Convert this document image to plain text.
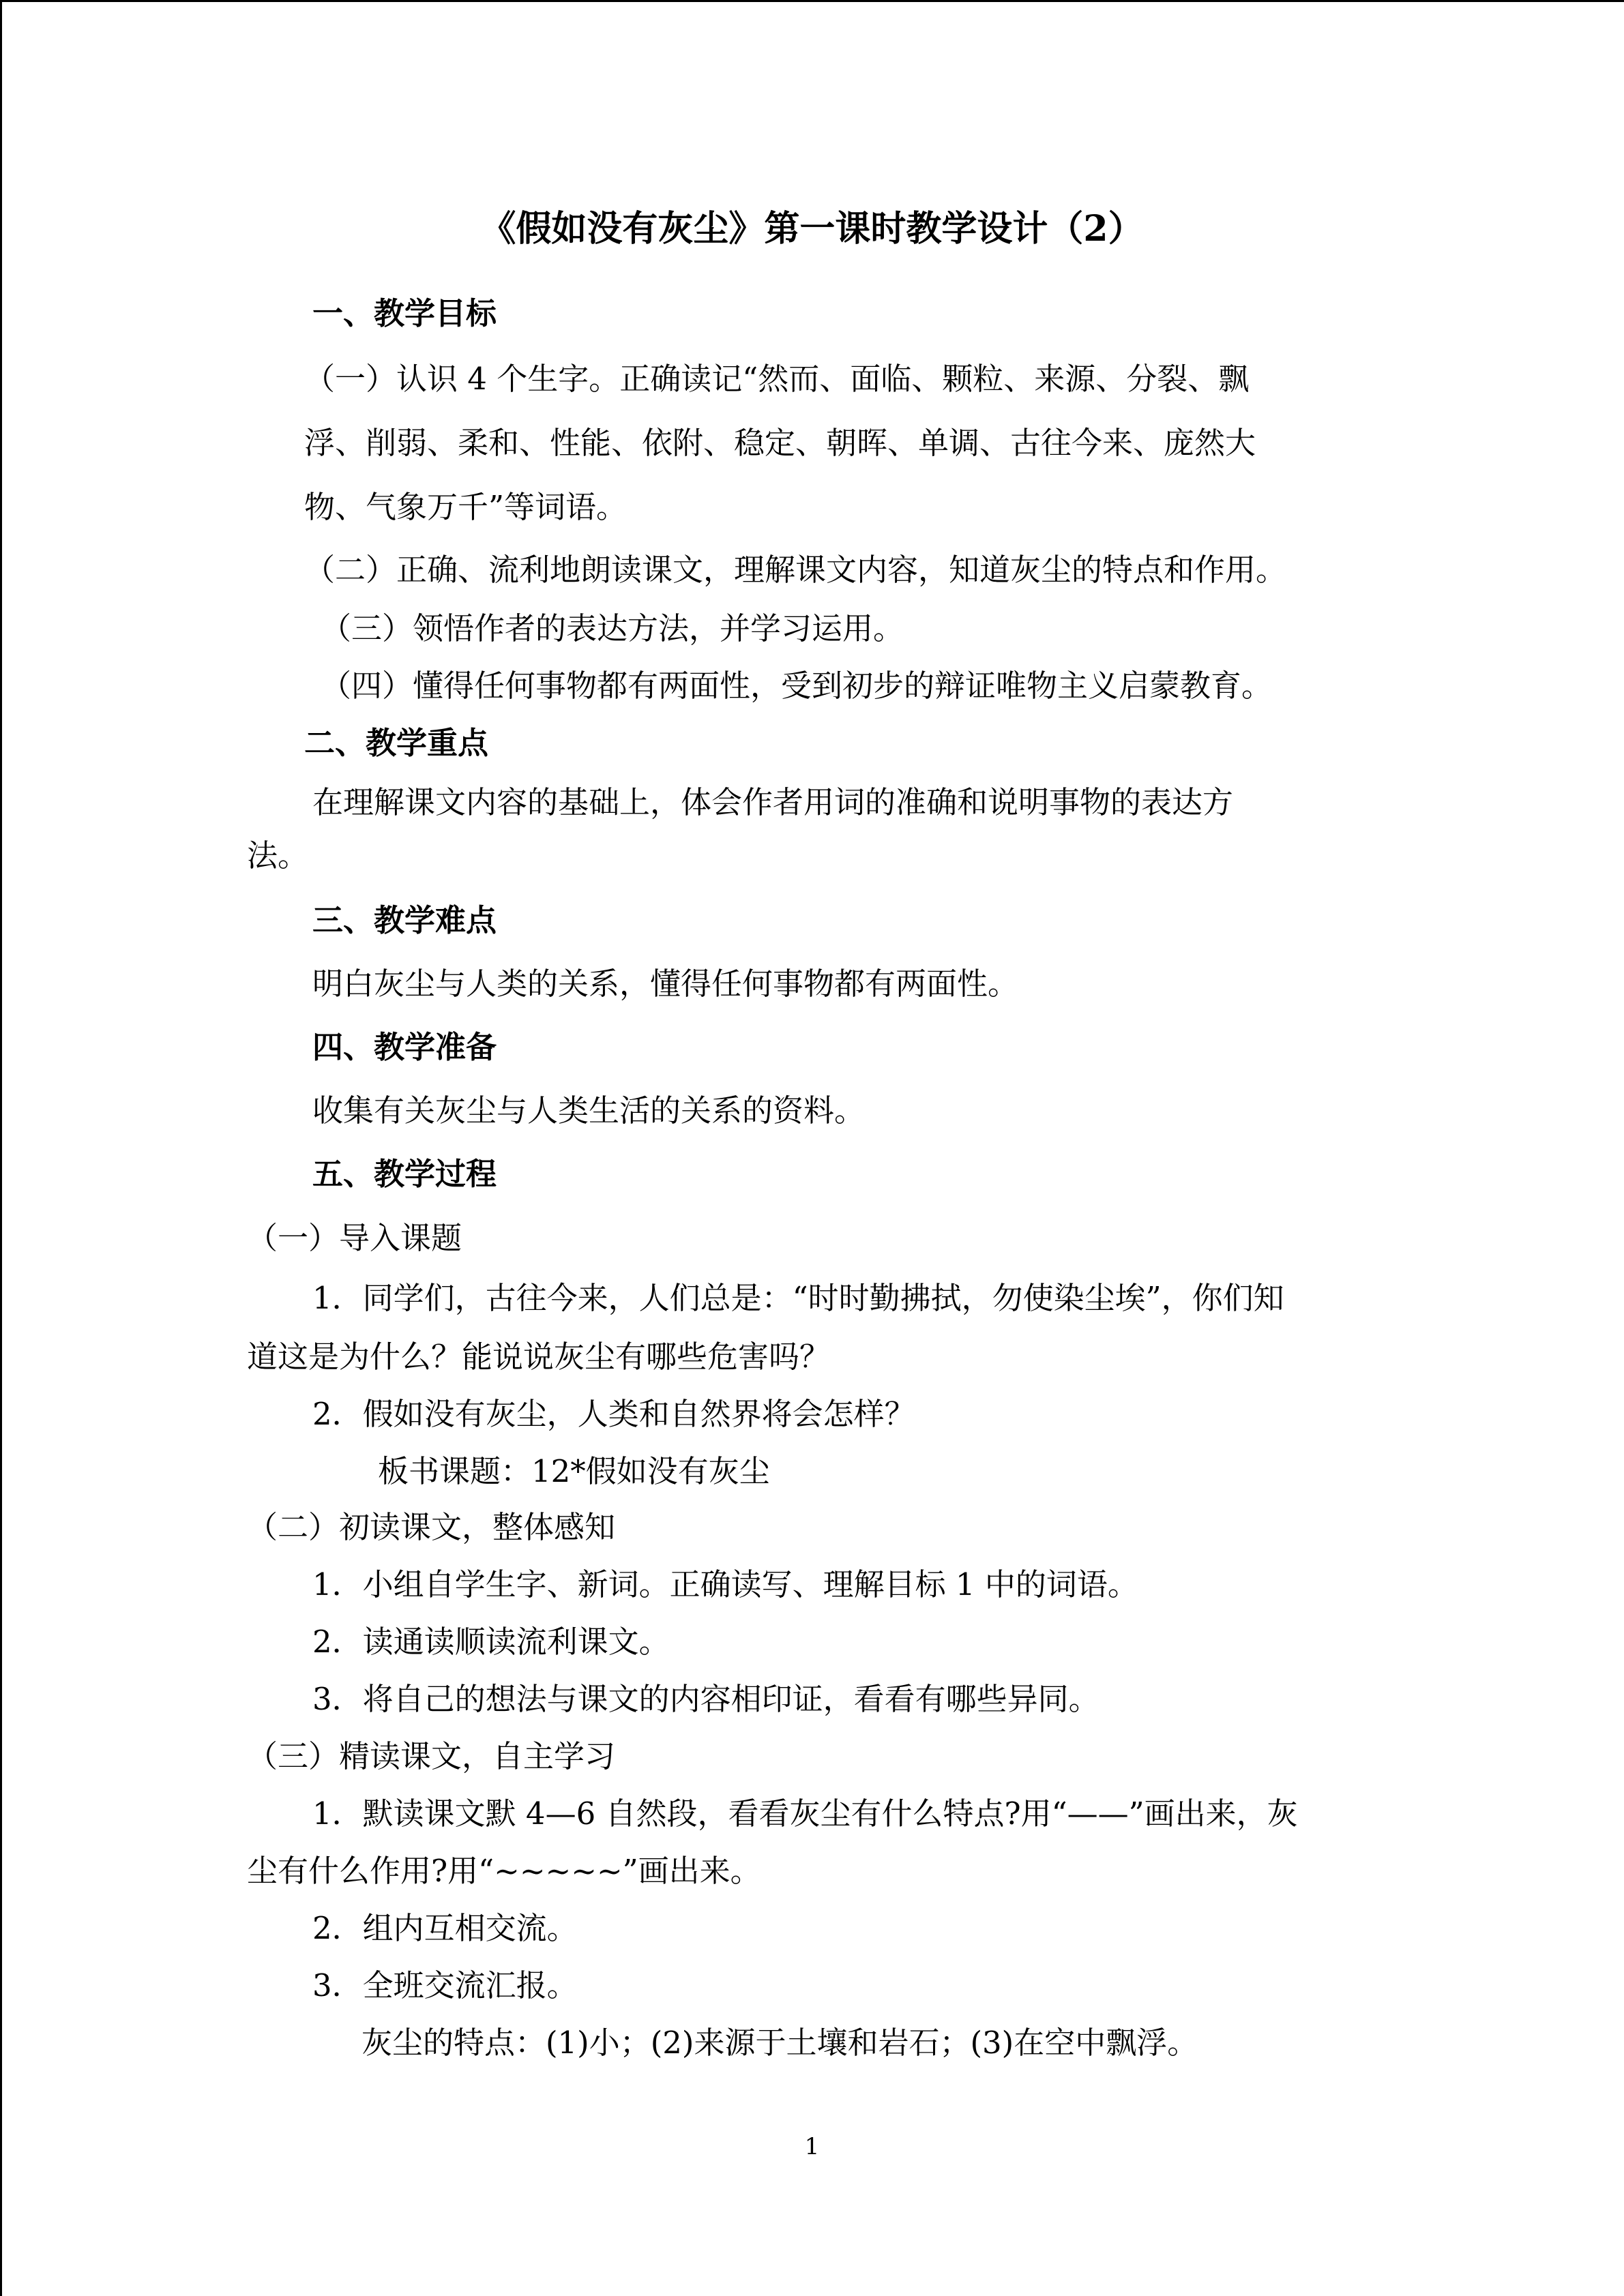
《假如没有灰尘》第一课时教学设计（2）
一、教学目标
（一）认识 4 个生字。正确读记“然而、面临、颗粒、来源、分裂、飘
浮、削弱、柔和、性能、依附、稳定、朝晖、单调、古往今来、庞然大
物、气象万千”等词语。
（二）正确、流利地朗读课文，理解课文内容，知道灰尘的特点和作用。
（三）领悟作者的表达方法，并学习运用。
（四）懂得任何事物都有两面性，受到初步的辩证唯物主义启蒙教育。
二、教学重点
在理解课文内容的基础上，体会作者用词的准确和说明事物的表达方
法。
三、教学难点
明白灰尘与人类的关系，懂得任何事物都有两面性。
四、教学准备
收集有关灰尘与人类生活的关系的资料。
五、教学过程
（一）导入课题
1．同学们，古往今来，人们总是：“时时勤拂拭，勿使染尘埃”，你们知
道这是为什么？能说说灰尘有哪些危害吗？
2．假如没有灰尘，人类和自然界将会怎样？
板书课题：12*假如没有灰尘
（二）初读课文，整体感知
1．小组自学生字、新词。正确读写、理解目标 1 中的词语。
2．读通读顺读流利课文。
3．将自己的想法与课文的内容相印证，看看有哪些异同。
（三）精读课文，自主学习
1．默读课文默 4—6 自然段，看看灰尘有什么特点?用“——”画出来，灰
尘有什么作用?用“~~~~~”画出来。
2．组内互相交流。
3．全班交流汇报。
灰尘的特点：(1)小；(2)来源于土壤和岩石；(3)在空中飘浮。
1
